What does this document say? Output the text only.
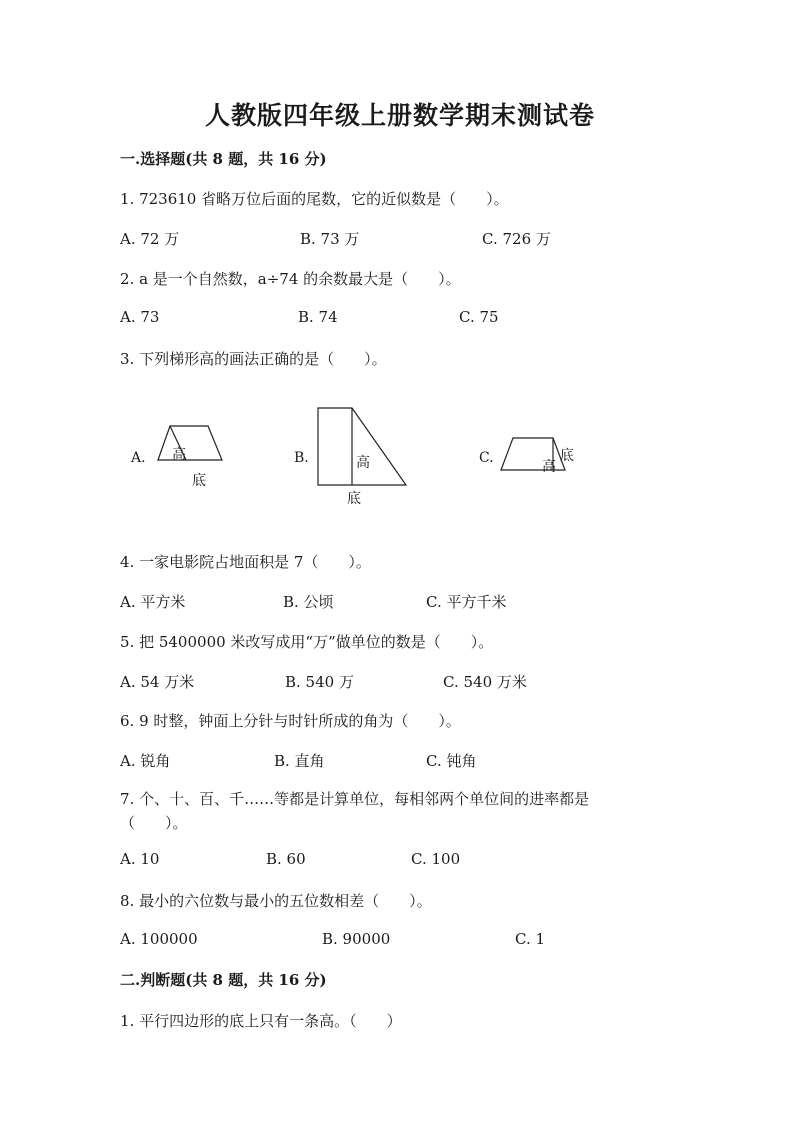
人教版四年级上册数学期末测试卷
一.选择题(共 8 题，共 16 分)
1. 723610 省略万位后面的尾数，它的近似数是（　　）。
A. 72 万	B. 73 万	C. 726 万
2. a 是一个自然数，a÷74 的余数最大是（　　）。
A. 73	B. 74	C. 75
3. 下列梯形高的画法正确的是（　　）。
A. 高
底
B.	高
底
C.
高
底
4. 一家电影院占地面积是 7（　　）。
A. 平方米	B. 公顷	C. 平方千米
5. 把 5400000 米改写成用“万”做单位的数是（　　）。
A. 54 万米	B. 540 万	C. 540 万米
6. 9 时整，钟面上分针与时针所成的角为（　　）。
A. 锐角	B. 直角	C. 钝角
7. 个、十、百、千……等都是计算单位，每相邻两个单位间的进率都是（　　）。
A. 10	B. 60	C. 100
8. 最小的六位数与最小的五位数相差（　　）。
A. 100000	B. 90000	C. 1
二.判断题(共 8 题，共 16 分)
1. 平行四边形的底上只有一条高。（　　）
